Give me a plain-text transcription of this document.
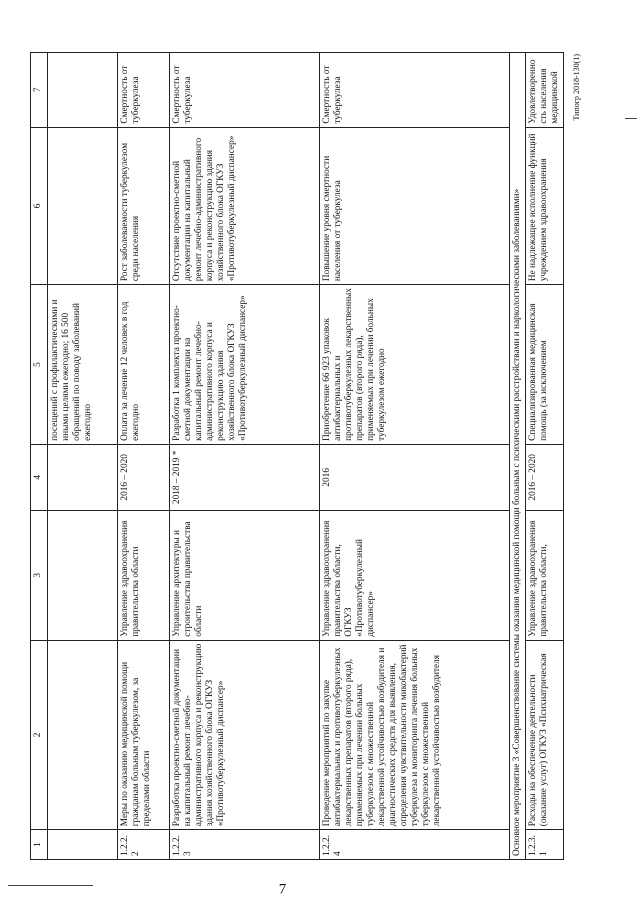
7
1	2	3	4	5	6	7
				посещений с профилактическими и иными целями ежегодно; 16 500 обращений по поводу заболеваний ежегодно		
1.2.2.2	Меры по оказанию медицинской помощи гражданам больным туберкулезом, за пределами области	Управление здравоохранения правительства области	2016 – 2020	Оплата за лечение 12 человек в год ежегодно	Рост заболеваемости туберкулезом среди населения	Смертность от туберкулеза
1.2.2.3	Разработка проектно-сметной документации на капитальный ремонт лечебно-административного корпуса и реконструкцию здания хозяйственного блока ОГКУЗ «Противотуберкулезный диспансер»	Управление архитектуры и строительства правительства области	2018 – 2019 *	Разработка 1 комплекта проектно-сметной документации на капитальный ремонт лечебно-административного корпуса и реконструкцию здания хозяйственного блока ОГКУЗ «Противотуберкулезный диспансер»	Отсутствие проектно-сметной документации на капитальный ремонт лечебно-административного корпуса и реконструкцию здания хозяйственного блока ОГКУЗ «Противотуберкулезный диспансер»	Смертность от туберкулеза
1.2.2.4	Проведение мероприятий по закупке антибактериальных и противотуберкулезных лекарственных препаратов (второго ряда), применяемых при лечении больных туберкулезом с множественной лекарственной устойчивостью возбудителя и диагностических средств для выявления, определения чувствительности микобактерий туберкулеза и мониторинга лечения больных туберкулезом с множественной лекарственной устойчивостью возбудителя	Управление здравоохранения правительства области, ОГКУЗ «Противотуберкулезный диспансер»	2016	Приобретение 66 923 упаковок антибактериальных и противотуберкулезных лекарственных препаратов (второго ряда), применяемых при лечении больных туберкулезом ежегодно	Повышение уровня смертности населения от туберкулеза	Смертность от туберкулеза
Основное мероприятие 3 «Совершенствование системы оказания медицинской помощи больным с психическими расстройствами и наркологическими заболеваниями»						
1.2.3.1	Расходы на обеспечение деятельности (оказание услуг) ОГКУЗ «Психиатрическая	Управление здравоохранения правительства области,	2016 – 2020	Специализированная медицинская помощь (за исключением	Не надлежащее исполнение функций учреждением здравоохранения	Удовлетворенность населения медицинской Типогр 2018-130(1)
